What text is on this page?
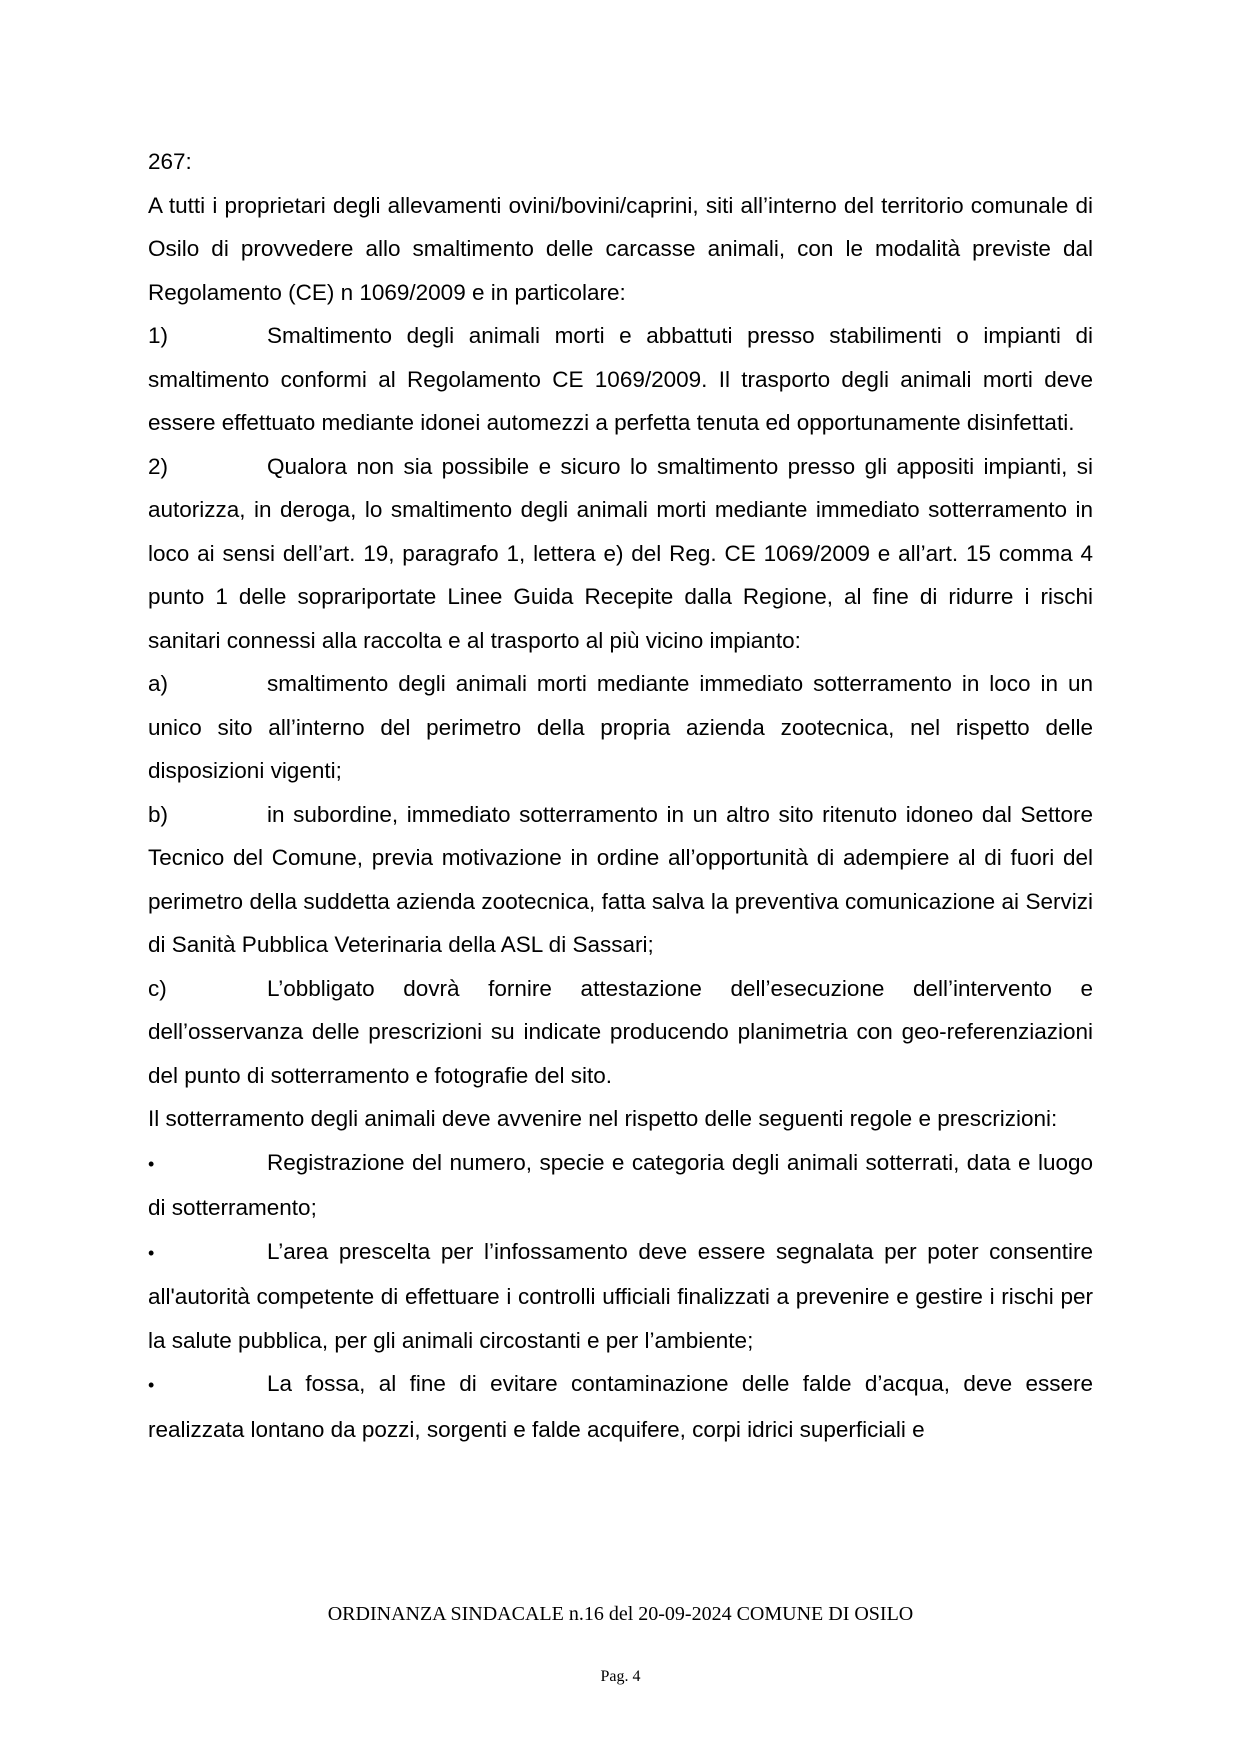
267:

A tutti i proprietari degli allevamenti ovini/bovini/caprini, siti all’interno del territorio comunale di Osilo di provvedere allo smaltimento delle carcasse animali, con le modalità previste dal Regolamento (CE) n 1069/2009 e in particolare:

1)	Smaltimento degli animali morti e abbattuti presso stabilimenti o impianti di smaltimento conformi al Regolamento CE 1069/2009. Il trasporto degli animali morti deve essere effettuato mediante idonei automezzi a perfetta tenuta ed opportunamente disinfettati.
2)	Qualora non sia possibile e sicuro lo smaltimento presso gli appositi impianti, si autorizza, in deroga, lo smaltimento degli animali morti mediante immediato sotterramento in loco ai sensi dell’art. 19, paragrafo 1, lettera e) del Reg. CE 1069/2009 e all’art. 15 comma 4 punto 1 delle soprariportate Linee Guida Recepite dalla Regione, al fine di ridurre i rischi sanitari connessi alla raccolta e al trasporto al più vicino impianto:
a)	smaltimento degli animali morti mediante immediato sotterramento in loco in un unico sito all’interno del perimetro della propria azienda zootecnica, nel rispetto delle disposizioni vigenti;
b)	in subordine, immediato sotterramento in un altro sito ritenuto idoneo dal Settore Tecnico del Comune, previa motivazione in ordine all’opportunità di adempiere al di fuori del perimetro della suddetta azienda zootecnica, fatta salva la preventiva comunicazione ai Servizi di Sanità Pubblica Veterinaria della ASL di Sassari;
c)	L’obbligato dovrà fornire attestazione dell’esecuzione dell’intervento e dell’osservanza delle prescrizioni su indicate producendo planimetria con geo-referenziazioni del punto di sotterramento e fotografie del sito.

Il sotterramento degli animali deve avvenire nel rispetto delle seguenti regole e prescrizioni:

•	Registrazione del numero, specie e categoria degli animali sotterrati, data e luogo di sotterramento;
•	L’area prescelta per l’infossamento deve essere segnalata per poter consentire all'autorità competente di effettuare i controlli ufficiali finalizzati a prevenire e gestire i rischi per la salute pubblica, per gli animali circostanti e per l’ambiente;
•	La fossa, al fine di evitare contaminazione delle falde d’acqua, deve essere realizzata lontano da pozzi, sorgenti e falde acquifere, corpi idrici superficiali e
ORDINANZA SINDACALE n.16 del 20-09-2024 COMUNE DI OSILO
Pag. 4
